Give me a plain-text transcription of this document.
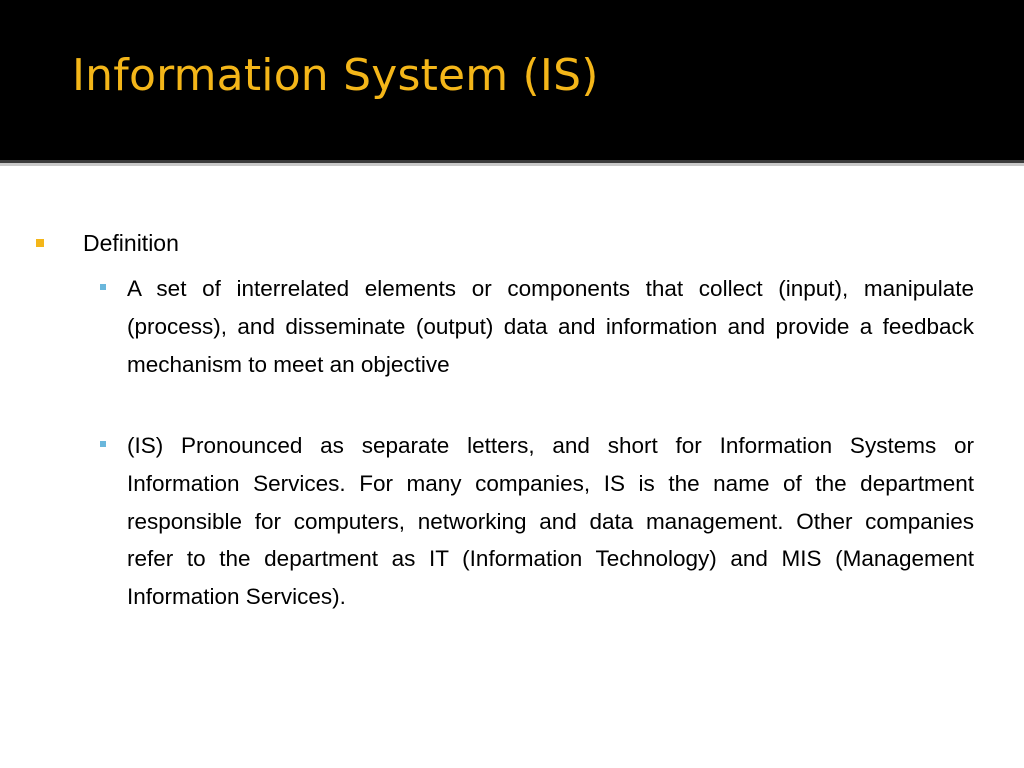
Information System (IS)
Definition

A set of interrelated elements or components that collect (input), manipulate (process), and disseminate (output) data and information and provide a feedback mechanism to meet an objective

(IS) Pronounced as separate letters, and short for Information Systems or Information Services. For many companies, IS is the name of the department responsible for computers, networking and data management. Other companies refer to the department as IT (Information Technology) and MIS (Management Information Services).
